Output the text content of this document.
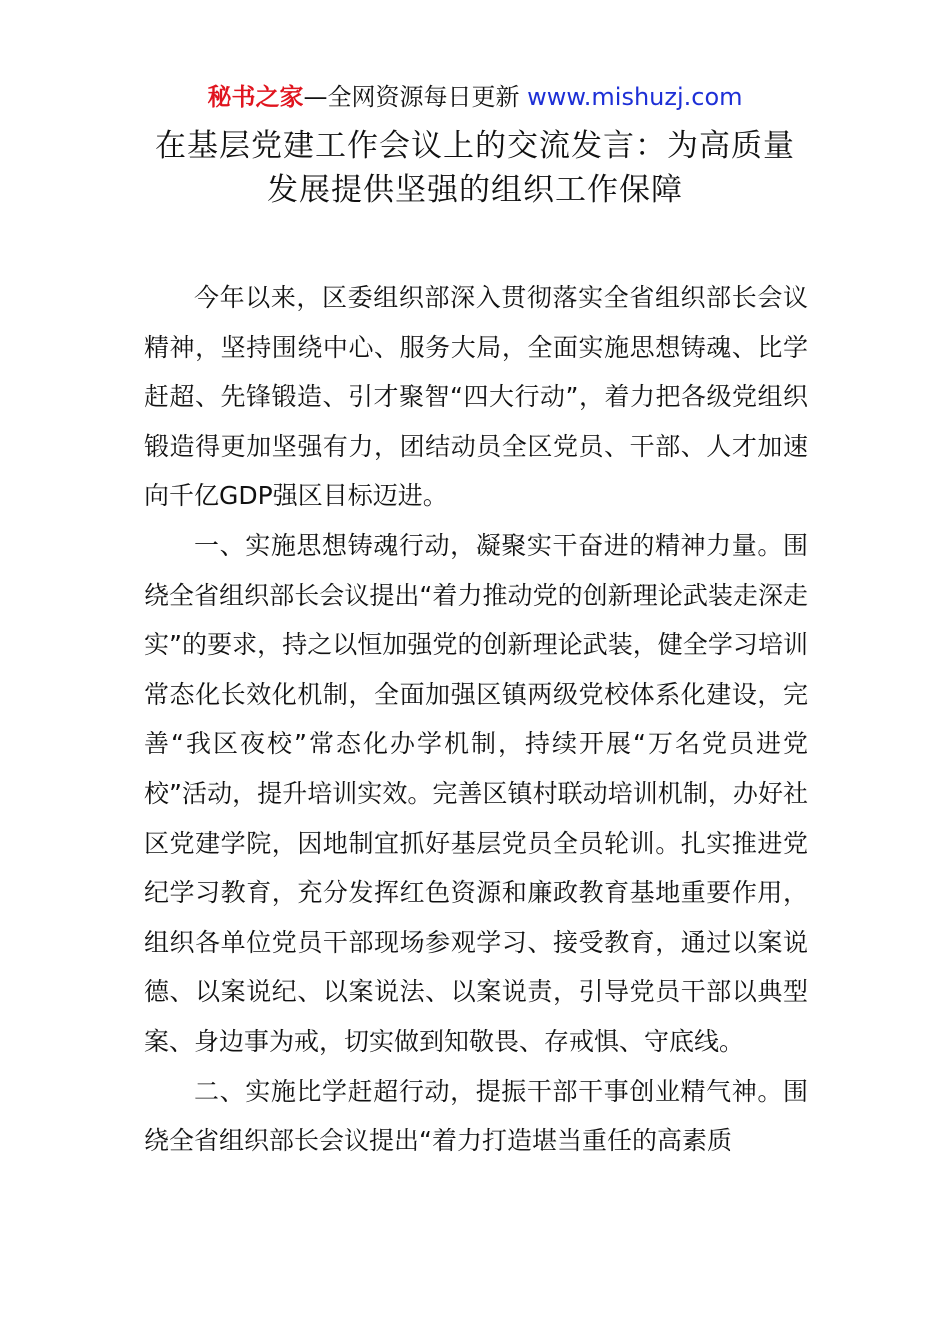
秘书之家—全网资源每日更新 www.mishuzj.com
在基层党建工作会议上的交流发言：为高质量
发展提供坚强的组织工作保障

今年以来，区委组织部深入贯彻落实全省组织部长会议精神，坚持围绕中心、服务大局，全面实施思想铸魂、比学赶超、先锋锻造、引才聚智“四大行动”，着力把各级党组织锻造得更加坚强有力，团结动员全区党员、干部、人才加速向千亿GDP强区目标迈进。

一、实施思想铸魂行动，凝聚实干奋进的精神力量。围绕全省组织部长会议提出“着力推动党的创新理论武装走深走实”的要求，持之以恒加强党的创新理论武装，健全学习培训常态化长效化机制，全面加强区镇两级党校体系化建设，完善“我区夜校”常态化办学机制，持续开展“万名党员进党校”活动，提升培训实效。完善区镇村联动培训机制，办好社区党建学院，因地制宜抓好基层党员全员轮训。扎实推进党纪学习教育，充分发挥红色资源和廉政教育基地重要作用，组织各单位党员干部现场参观学习、接受教育，通过以案说德、以案说纪、以案说法、以案说责，引导党员干部以典型案、身边事为戒，切实做到知敬畏、存戒惧、守底线。

二、实施比学赶超行动，提振干部干事创业精气神。围绕全省组织部长会议提出“着力打造堪当重任的高素质
